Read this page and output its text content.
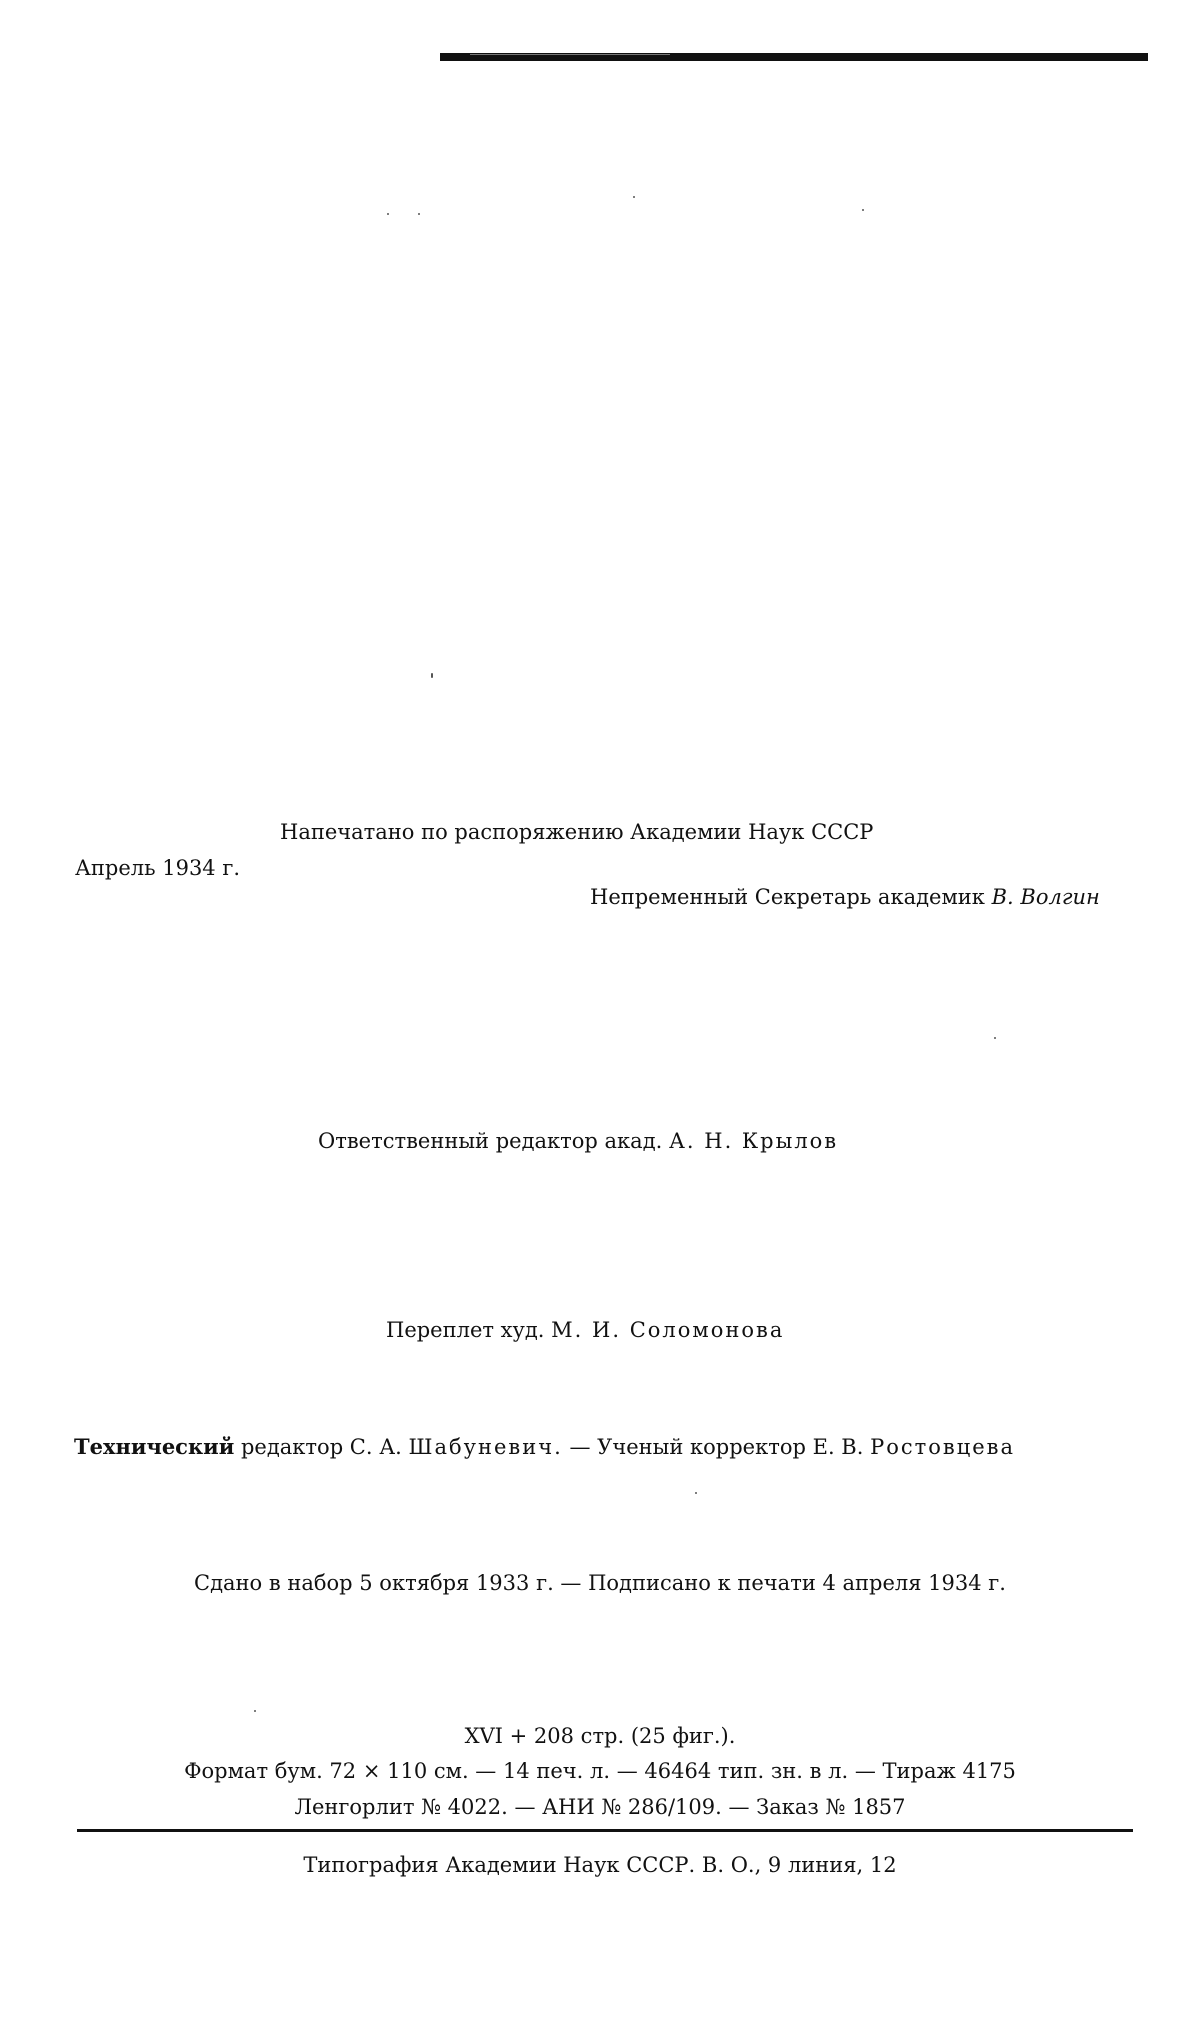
Напечатано по распоряжению Академии Наук СССР
Апрель 1934 г.
Непременный Секретарь академик В. Волгин
Ответственный редактор акад. А. Н. Крылов
Переплет худ. М. И. Соломонова
Технический редактор С. А. Шабуневич. — Ученый корректор Е. В. Ростовцева
Сдано в набор 5 октября 1933 г. — Подписано к печати 4 апреля 1934 г.
XVI + 208 стр. (25 фиг.).
Формат бум. 72 × 110 см. — 14 печ. л. — 46464 тип. зн. в л. — Тираж 4175
Ленгорлит № 4022. — АНИ № 286/109. — Заказ № 1857
Типография Академии Наук СССР. В. О., 9 линия, 12
